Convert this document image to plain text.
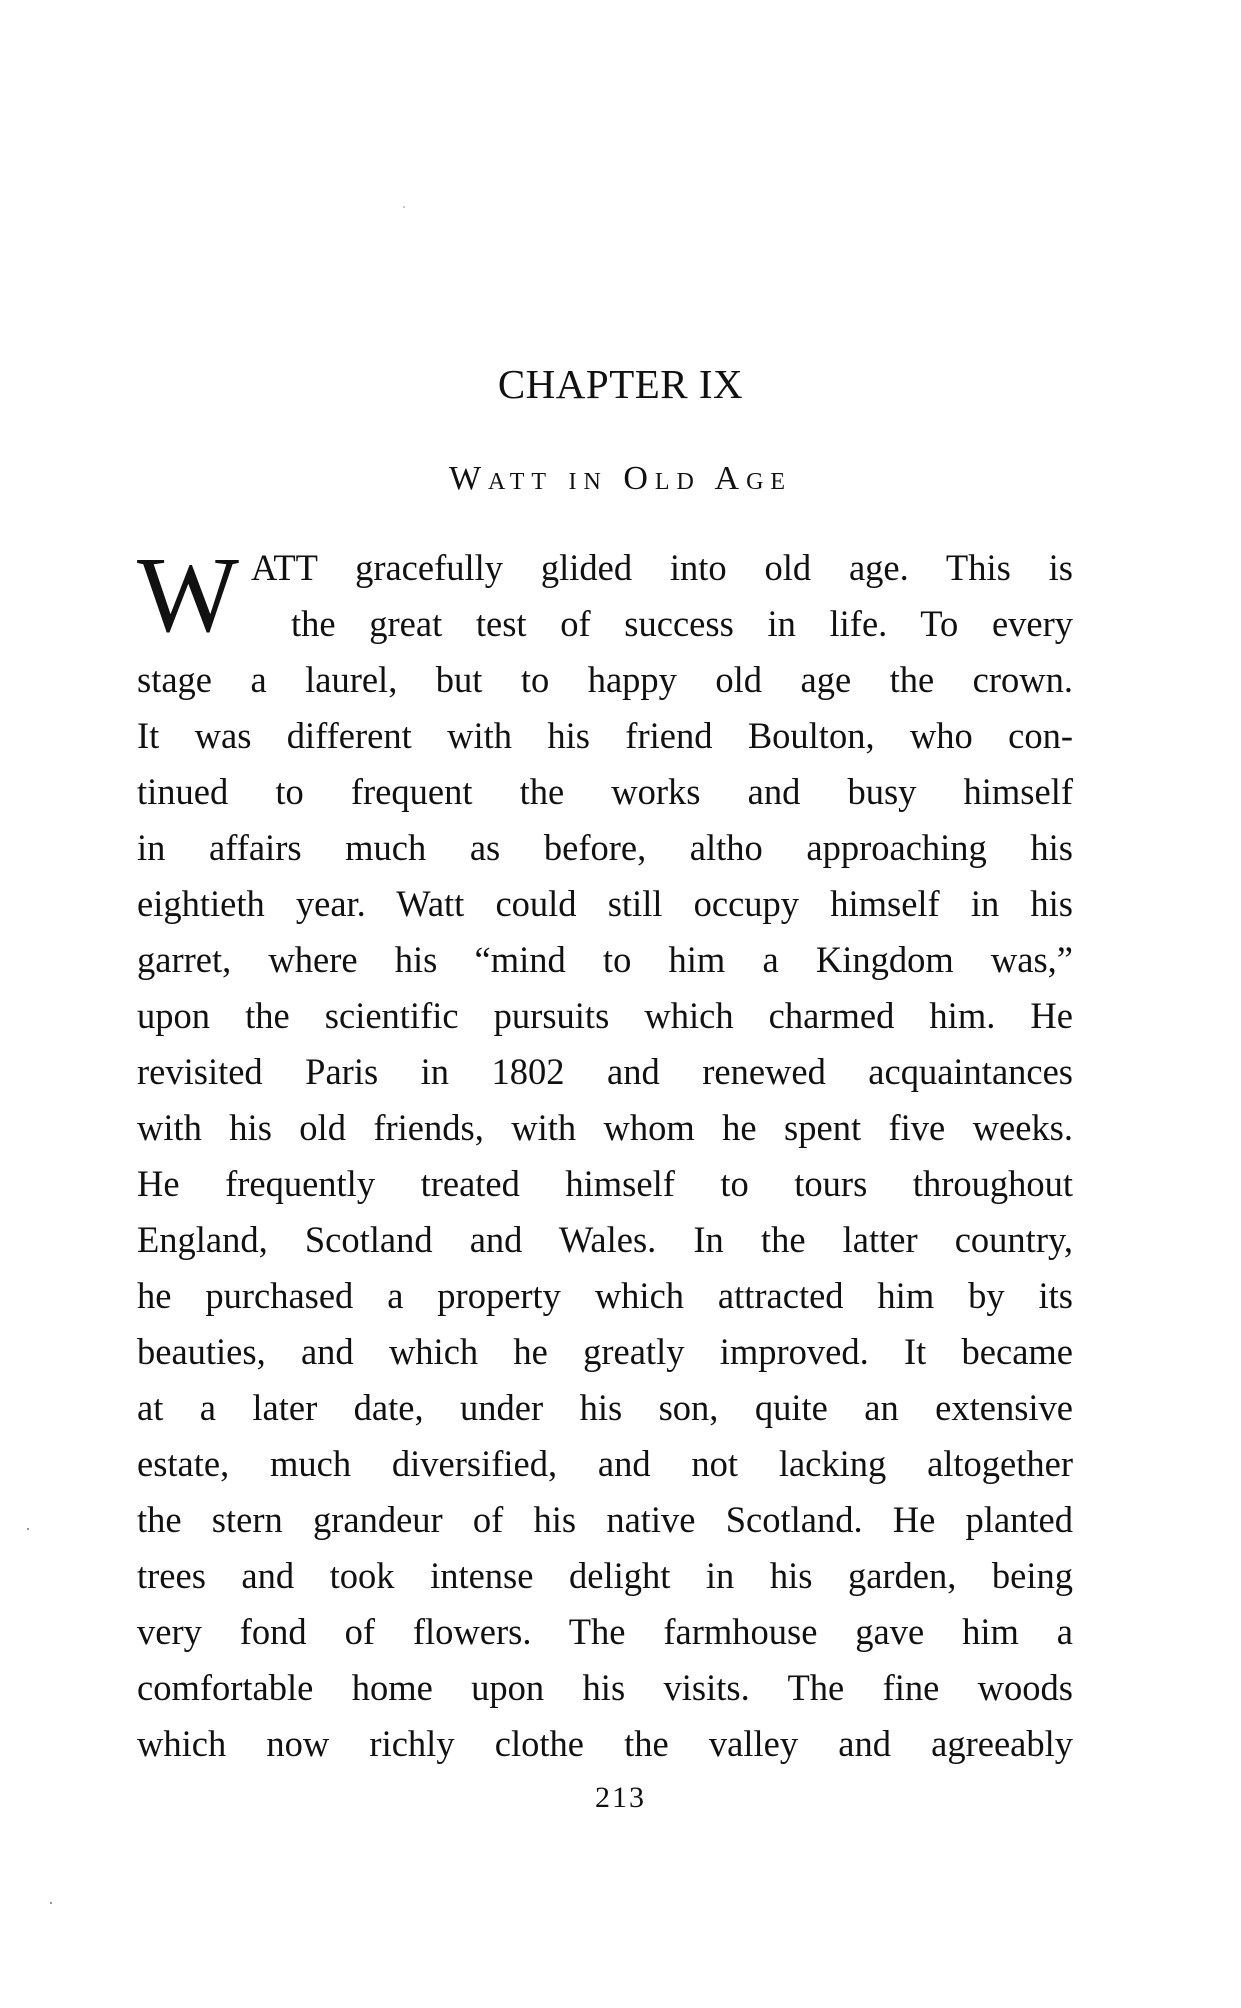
CHAPTER IX
Watt in Old Age
W ATT gracefully glided into old age. This is
the great test of success in life. To every
stage a laurel, but to happy old age the crown.
It was different with his friend Boulton, who con-
tinued to frequent the works and busy himself
in affairs much as before, altho approaching his
eightieth year. Watt could still occupy himself in his
garret, where his “mind to him a Kingdom was,”
upon the scientific pursuits which charmed him. He
revisited Paris in 1802 and renewed acquaintances
with his old friends, with whom he spent five weeks.
He frequently treated himself to tours throughout
England, Scotland and Wales. In the latter country,
he purchased a property which attracted him by its
beauties, and which he greatly improved. It became
at a later date, under his son, quite an extensive
estate, much diversified, and not lacking altogether
the stern grandeur of his native Scotland. He planted
trees and took intense delight in his garden, being
very fond of flowers. The farmhouse gave him a
comfortable home upon his visits. The fine woods
which now richly clothe the valley and agreeably
213
